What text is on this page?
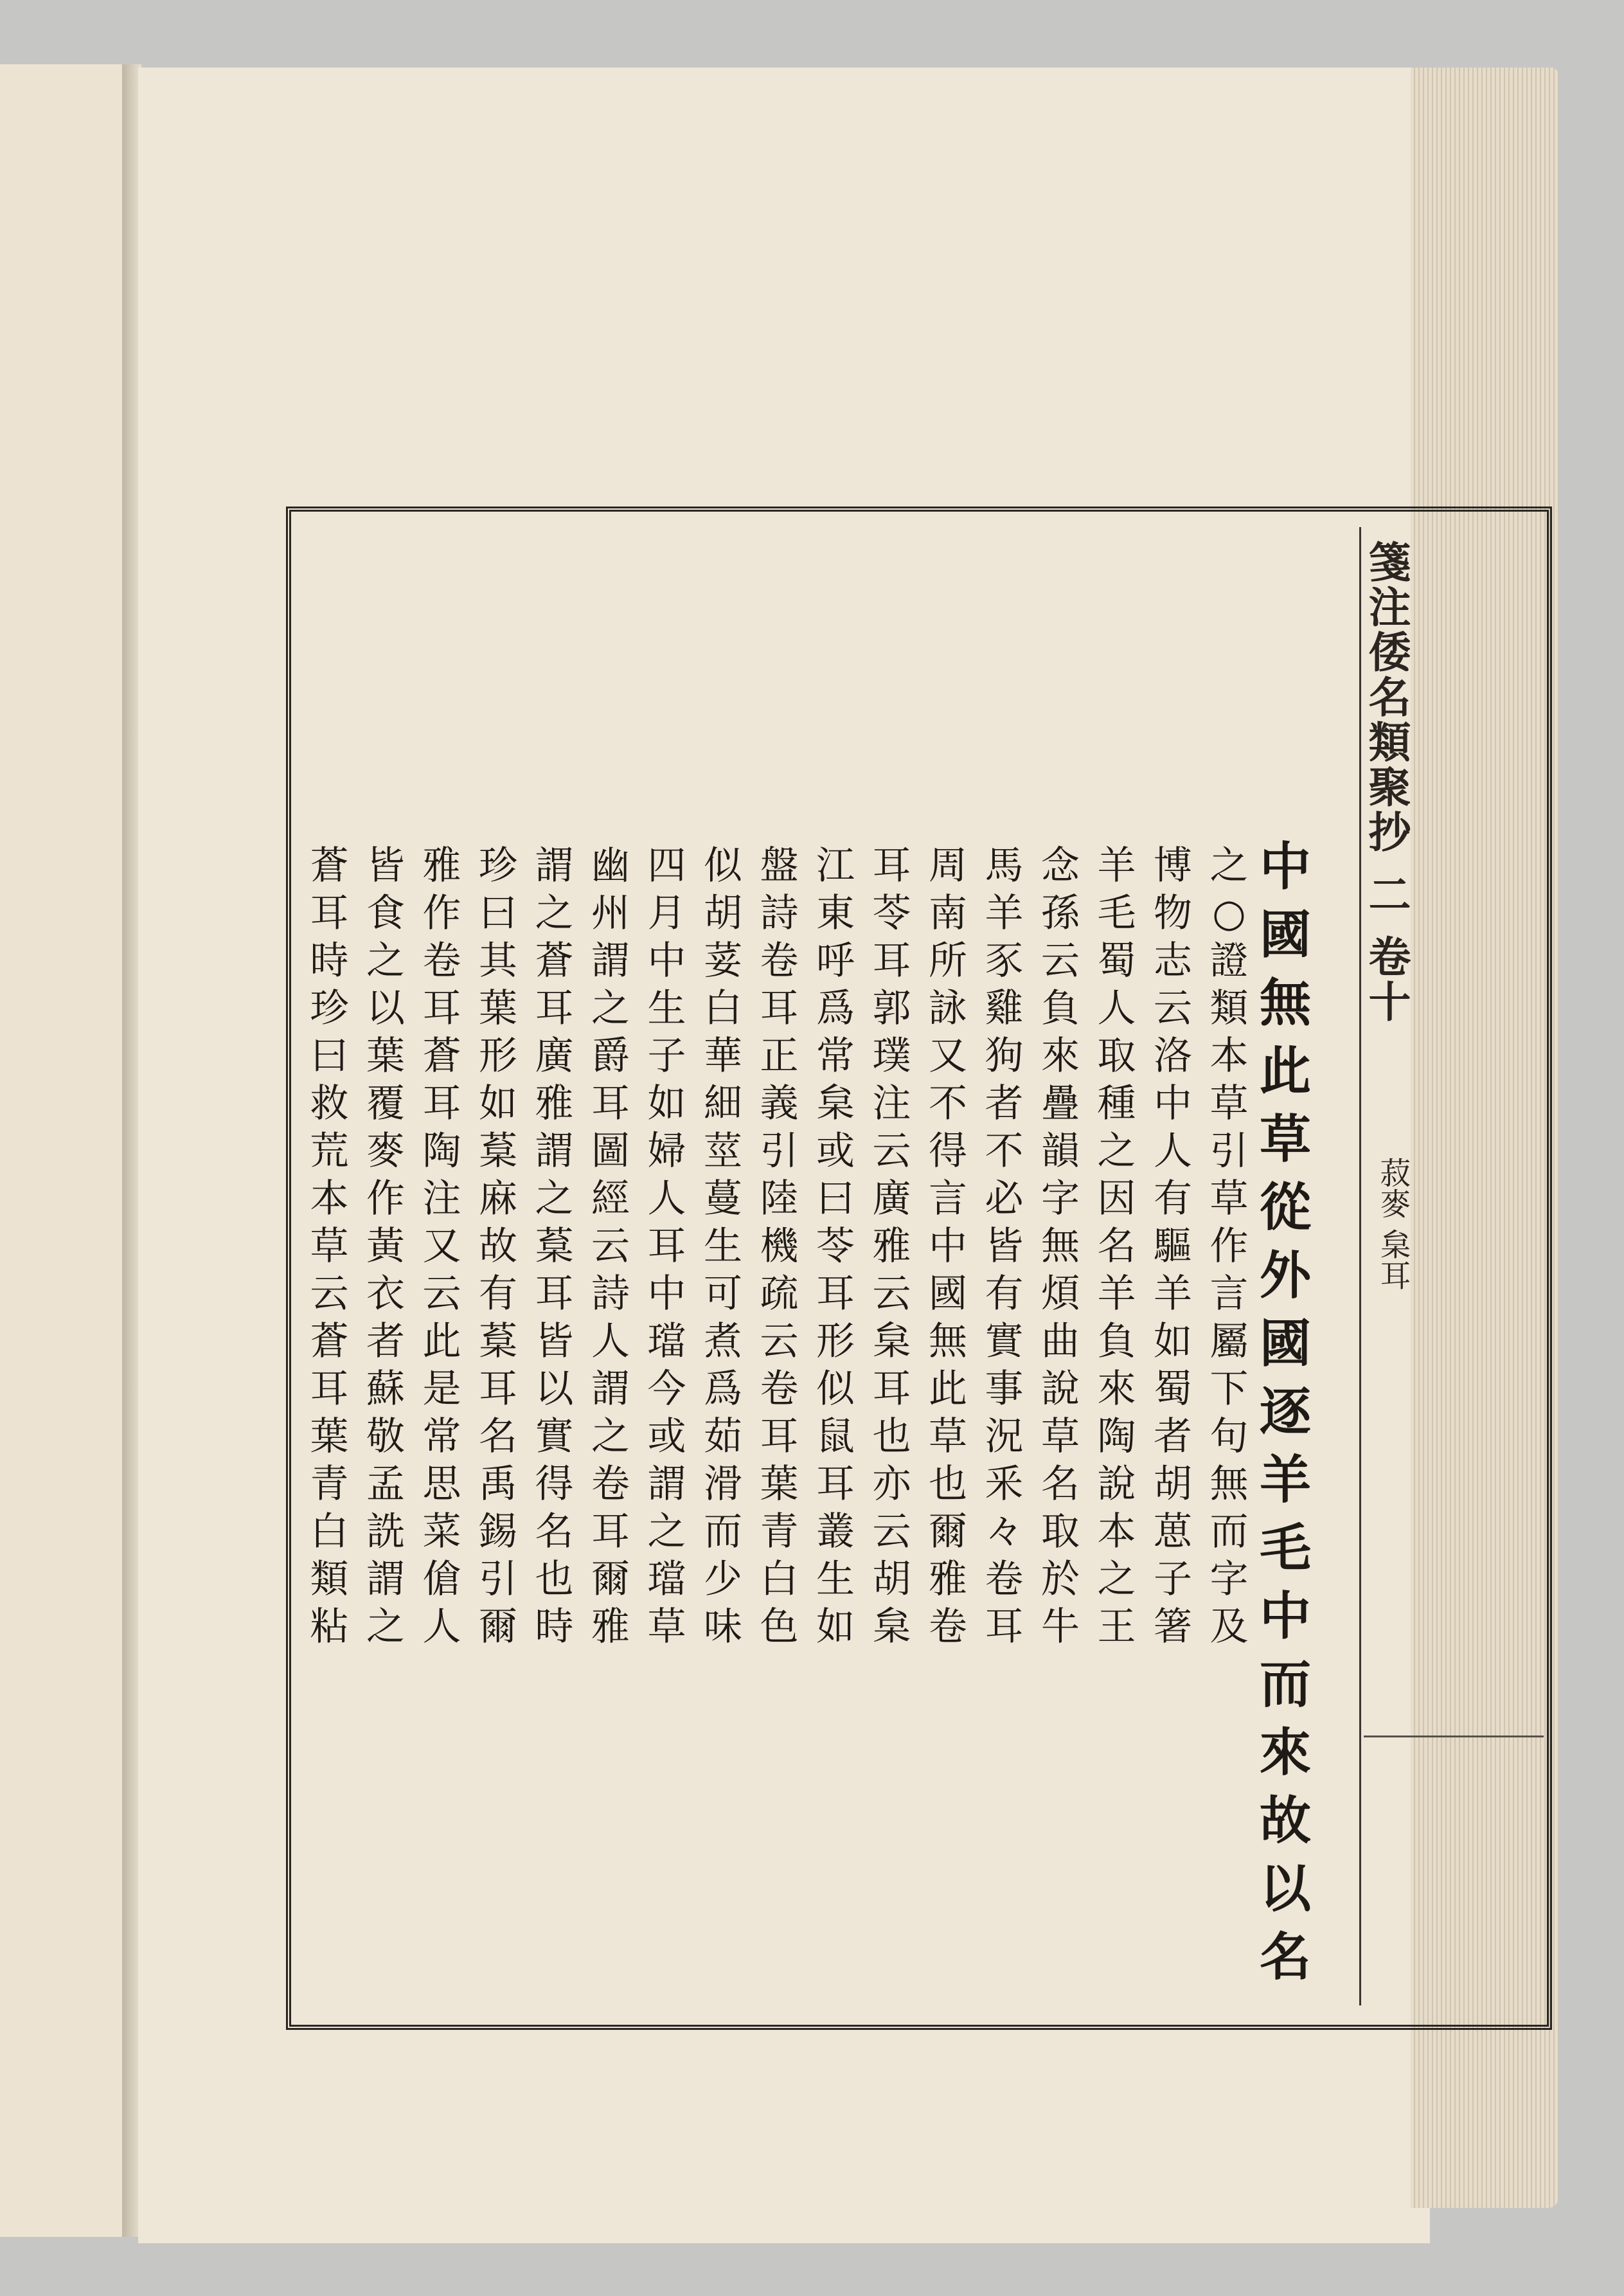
箋注倭名類聚抄 二 卷十
菽麥 枲耳
中
國
無
此
草
從
外
國
逐
羊
毛
中
而
來
故
以
名
之
○
證
類
本
草
引
草
作
言
屬
下
句
無
而
字
及
博
物
志
云
洛
中
人
有
驅
羊
如
蜀
者
胡
葸
子
箸
羊
毛
蜀
人
取
種
之
因
名
羊
負
來
陶
說
本
之
王
念
孫
云
負
來
疊
韻
字
無
煩
曲
說
草
名
取
於
牛
馬
羊
豕
雞
狗
者
不
必
皆
有
實
事
況
釆
々
卷
耳
周
南
所
詠
又
不
得
言
中
國
無
此
草
也
爾
雅
卷
耳
苓
耳
郭
璞
注
云
廣
雅
云
枲
耳
也
亦
云
胡
枲
江
東
呼
爲
常
枲
或
曰
苓
耳
形
似
鼠
耳
叢
生
如
盤
詩
卷
耳
正
義
引
陸
機
疏
云
卷
耳
葉
青
白
色
似
胡
荽
白
華
細
莖
蔓
生
可
煮
爲
茹
滑
而
少
味
四
月
中
生
子
如
婦
人
耳
中
璫
今
或
謂
之
璫
草
幽
州
謂
之
爵
耳
圖
經
云
詩
人
謂
之
卷
耳
爾
雅
謂
之
蒼
耳
廣
雅
謂
之
葈
耳
皆
以
實
得
名
也
時
珍
曰
其
葉
形
如
葈
麻
故
有
葈
耳
名
禹
錫
引
爾
雅
作
卷
耳
蒼
耳
陶
注
又
云
此
是
常
思
菜
傖
人
皆
食
之
以
葉
覆
麥
作
黃
衣
者
蘇
敬
孟
詵
謂
之
蒼
耳
時
珍
曰
救
荒
本
草
云
蒼
耳
葉
青
白
類
粘
